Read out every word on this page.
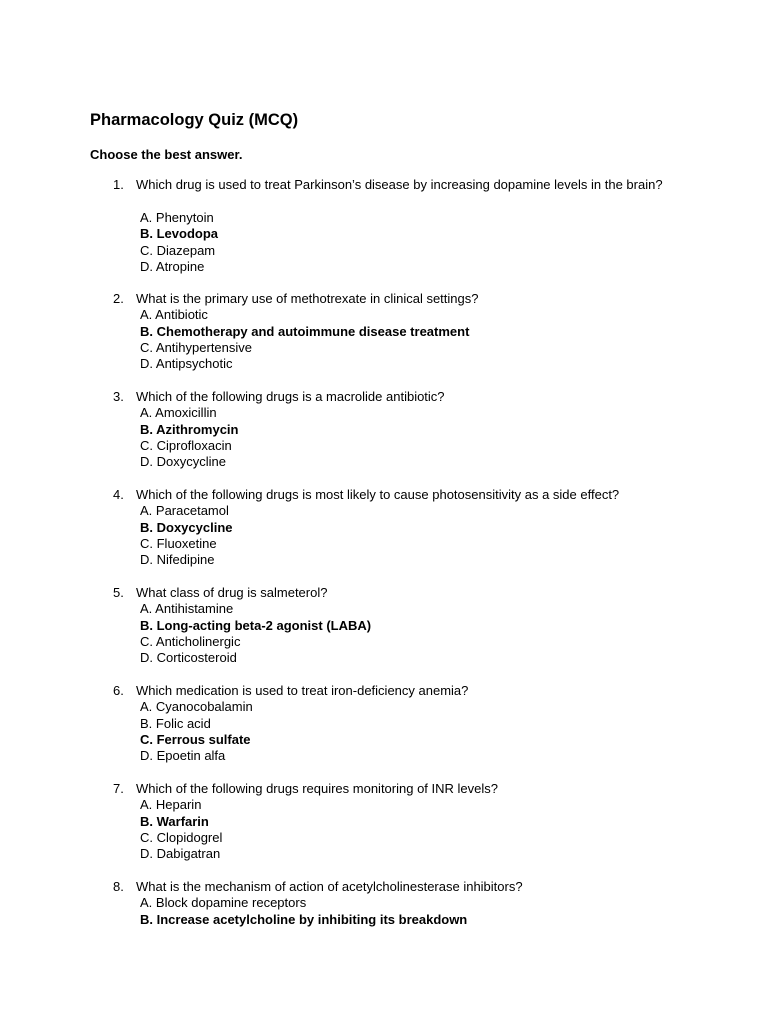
Pharmacology Quiz (MCQ)

Choose the best answer.

1. Which drug is used to treat Parkinson’s disease by increasing dopamine levels in the brain?
A. Phenytoin
B. Levodopa
C. Diazepam
D. Atropine
2. What is the primary use of methotrexate in clinical settings?
A. Antibiotic
B. Chemotherapy and autoimmune disease treatment
C. Antihypertensive
D. Antipsychotic
3. Which of the following drugs is a macrolide antibiotic?
A. Amoxicillin
B. Azithromycin
C. Ciprofloxacin
D. Doxycycline
4. Which of the following drugs is most likely to cause photosensitivity as a side effect?
A. Paracetamol
B. Doxycycline
C. Fluoxetine
D. Nifedipine
5. What class of drug is salmeterol?
A. Antihistamine
B. Long-acting beta-2 agonist (LABA)
C. Anticholinergic
D. Corticosteroid
6. Which medication is used to treat iron-deficiency anemia?
A. Cyanocobalamin
B. Folic acid
C. Ferrous sulfate
D. Epoetin alfa
7. Which of the following drugs requires monitoring of INR levels?
A. Heparin
B. Warfarin
C. Clopidogrel
D. Dabigatran
8. What is the mechanism of action of acetylcholinesterase inhibitors?
A. Block dopamine receptors
B. Increase acetylcholine by inhibiting its breakdown
